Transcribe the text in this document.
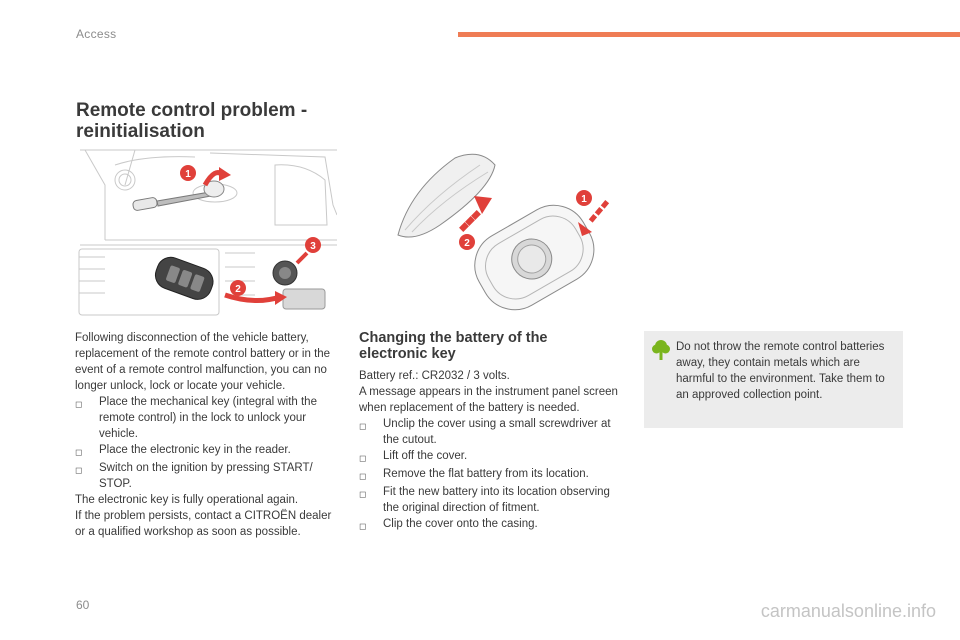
Access
Remote control problem - reinitialisation
1
2
3	2
1

Following disconnection of the vehicle battery, replacement of the remote control battery or in the event of a remote control malfunction, you can no longer unlock, lock or locate your vehicle.

◻	Place the mechanical key (integral with the remote control) in the lock to unlock your vehicle.
◻	Place the electronic key in the reader.
◻	Switch on the ignition by pressing START/ STOP.

The electronic key is fully operational again.

If the problem persists, contact a CITROËN dealer or a qualified workshop as soon as possible.

Changing the battery of the electronic key

Battery ref.: CR2032 / 3 volts.

A message appears in the instrument panel screen when replacement of the battery is needed.

◻	Unclip the cover using a small screwdriver at the cutout.
◻	Lift off the cover.
◻	Remove the flat battery from its location.
◻	Fit the new battery into its location observing the original direction of fitment.
◻	Clip the cover onto the casing.

Do not throw the remote control batteries away, they contain metals which are harmful to the environment. Take them to an approved collection point.

60	carmanualsonline.info
